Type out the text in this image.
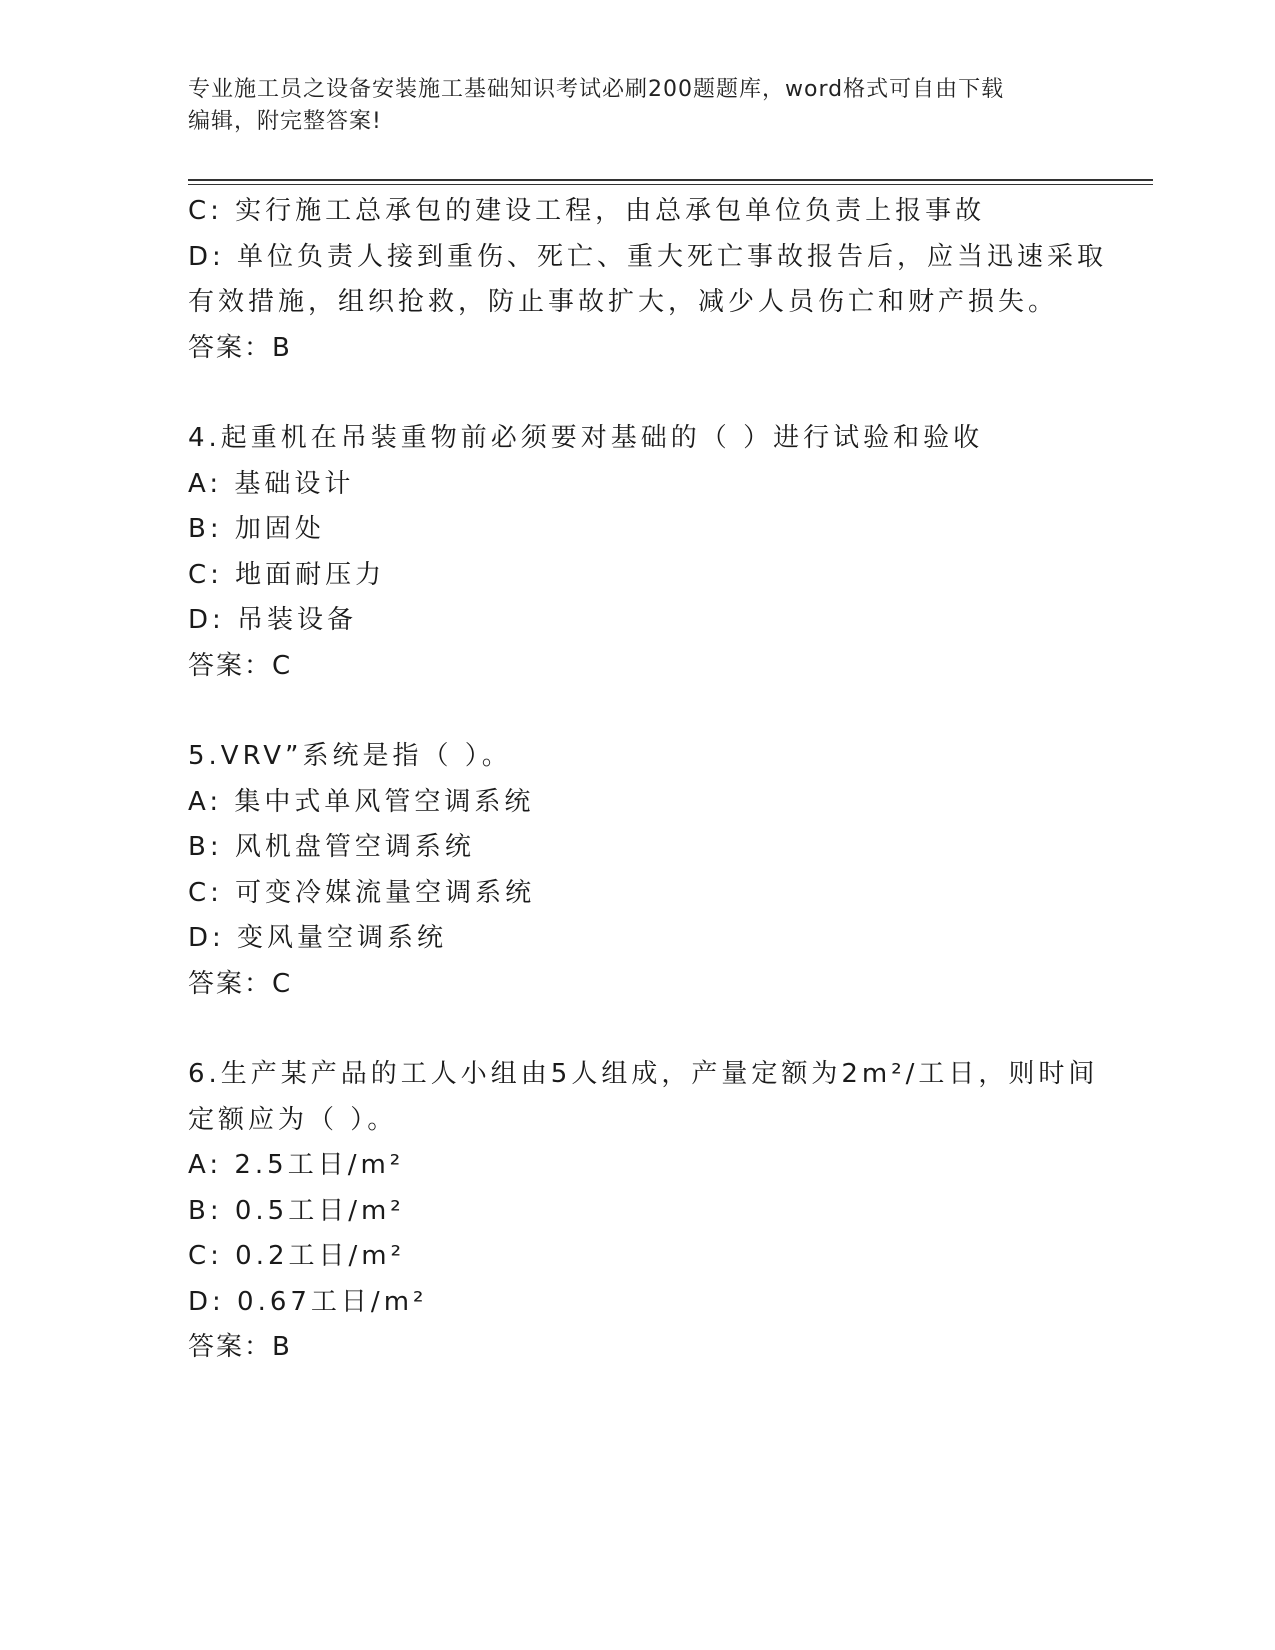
专业施工员之设备安装施工基础知识考试必刷200题题库，word格式可自由下载
编辑，附完整答案!
C: 实行施工总承包的建设工程，由总承包单位负责上报事故
D: 单位负责人接到重伤、死亡、重大死亡事故报告后，应当迅速采取
有效措施，组织抢救，防止事故扩大，减少人员伤亡和财产损失。
答案：B
4.起重机在吊装重物前必须要对基础的（ ）进行试验和验收
A: 基础设计
B: 加固处
C: 地面耐压力
D: 吊装设备
答案：C
5.VRV”系统是指（ ）。
A: 集中式单风管空调系统
B: 风机盘管空调系统
C: 可变冷媒流量空调系统
D: 变风量空调系统
答案：C
6.生产某产品的工人小组由5人组成，产量定额为2m²/工日，则时间
定额应为（ ）。
A: 2.5工日/m²
B: 0.5工日/m²
C: 0.2工日/m²
D: 0.67工日/m²
答案：B
